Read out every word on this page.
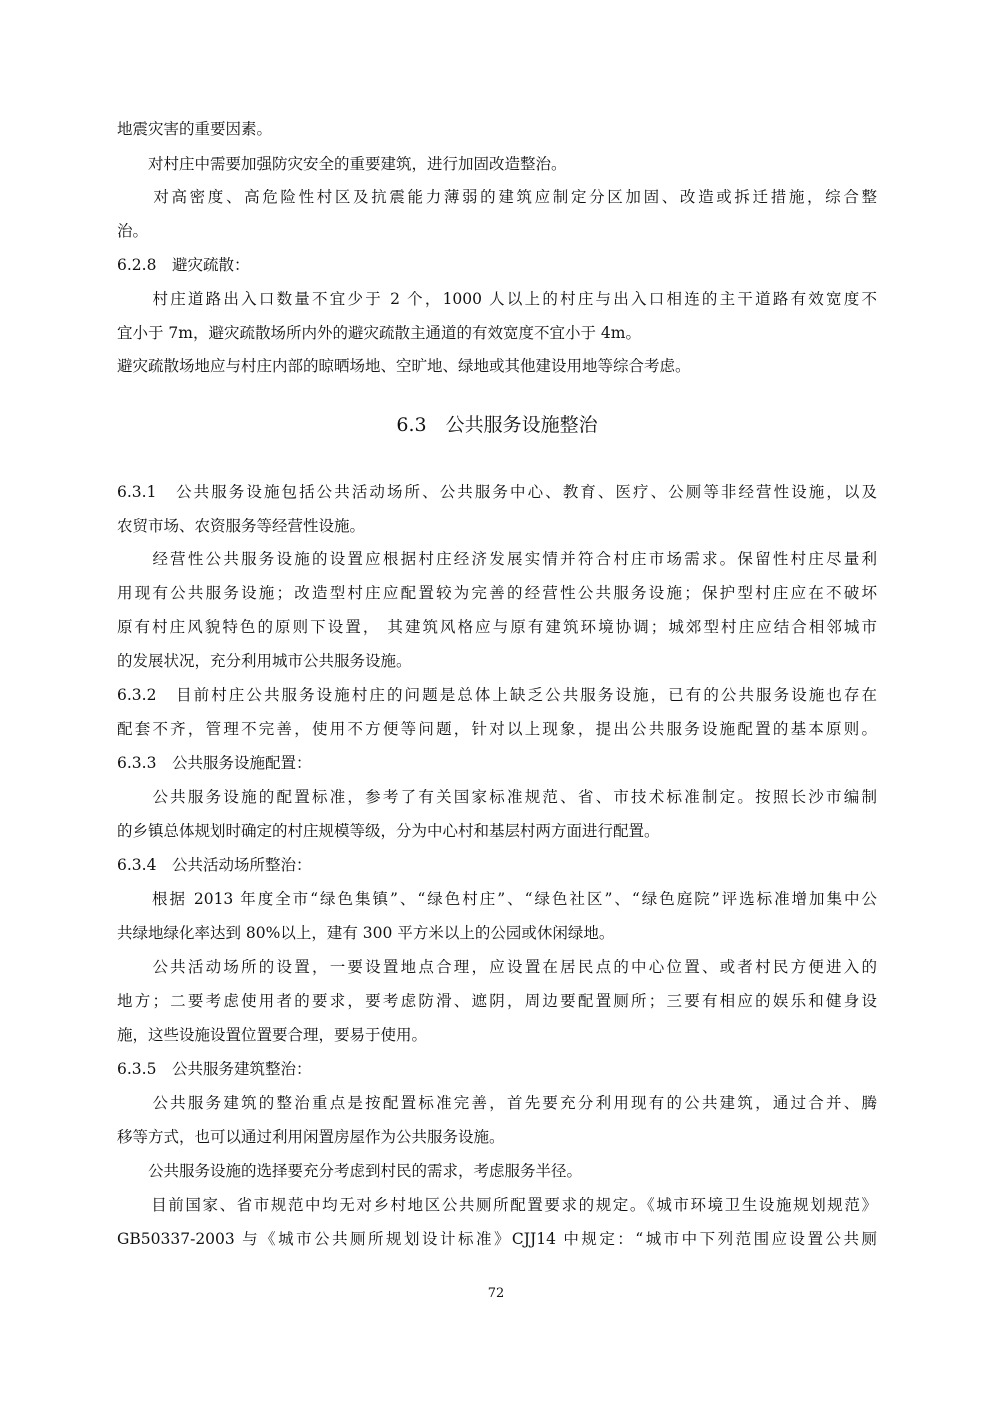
地震灾害的重要因素。
　　对村庄中需要加强防灾安全的重要建筑，进行加固改造整治。
　　对高密度、高危险性村区及抗震能力薄弱的建筑应制定分区加固、改造或拆迁措施，综合整
治。
6.2.8　避灾疏散：
　　村庄道路出入口数量不宜少于 2 个，1000 人以上的村庄与出入口相连的主干道路有效宽度不
宜小于 7m，避灾疏散场所内外的避灾疏散主通道的有效宽度不宜小于 4m。
避灾疏散场地应与村庄内部的晾晒场地、空旷地、绿地或其他建设用地等综合考虑。
6.3　公共服务设施整治
6.3.1　公共服务设施包括公共活动场所、公共服务中心、教育、医疗、公厕等非经营性设施，以及
农贸市场、农资服务等经营性设施。
　　经营性公共服务设施的设置应根据村庄经济发展实情并符合村庄市场需求。保留性村庄尽量利
用现有公共服务设施；改造型村庄应配置较为完善的经营性公共服务设施；保护型村庄应在不破坏
原有村庄风貌特色的原则下设置， 其建筑风格应与原有建筑环境协调；城郊型村庄应结合相邻城市
的发展状况，充分利用城市公共服务设施。
6.3.2　目前村庄公共服务设施村庄的问题是总体上缺乏公共服务设施，已有的公共服务设施也存在
配套不齐，管理不完善，使用不方便等问题，针对以上现象，提出公共服务设施配置的基本原则。
6.3.3　公共服务设施配置：
　　公共服务设施的配置标准，参考了有关国家标准规范、省、市技术标准制定。按照长沙市编制
的乡镇总体规划时确定的村庄规模等级，分为中心村和基层村两方面进行配置。
6.3.4　公共活动场所整治：
　　根据 2013 年度全市“绿色集镇”、“绿色村庄”、“绿色社区”、“绿色庭院”评选标准增加集中公
共绿地绿化率达到 80%以上，建有 300 平方米以上的公园或休闲绿地。
　　公共活动场所的设置，一要设置地点合理，应设置在居民点的中心位置、或者村民方便进入的
地方；二要考虑使用者的要求，要考虑防滑、遮阴，周边要配置厕所；三要有相应的娱乐和健身设
施，这些设施设置位置要合理，要易于使用。
6.3.5　公共服务建筑整治：
　　公共服务建筑的整治重点是按配置标准完善，首先要充分利用现有的公共建筑，通过合并、腾
移等方式，也可以通过利用闲置房屋作为公共服务设施。
　　公共服务设施的选择要充分考虑到村民的需求，考虑服务半径。
　　目前国家、省市规范中均无对乡村地区公共厕所配置要求的规定。《城市环境卫生设施规划规范》
GB50337-2003 与《城市公共厕所规划设计标准》CJJ14 中规定：“城市中下列范围应设置公共厕
72
